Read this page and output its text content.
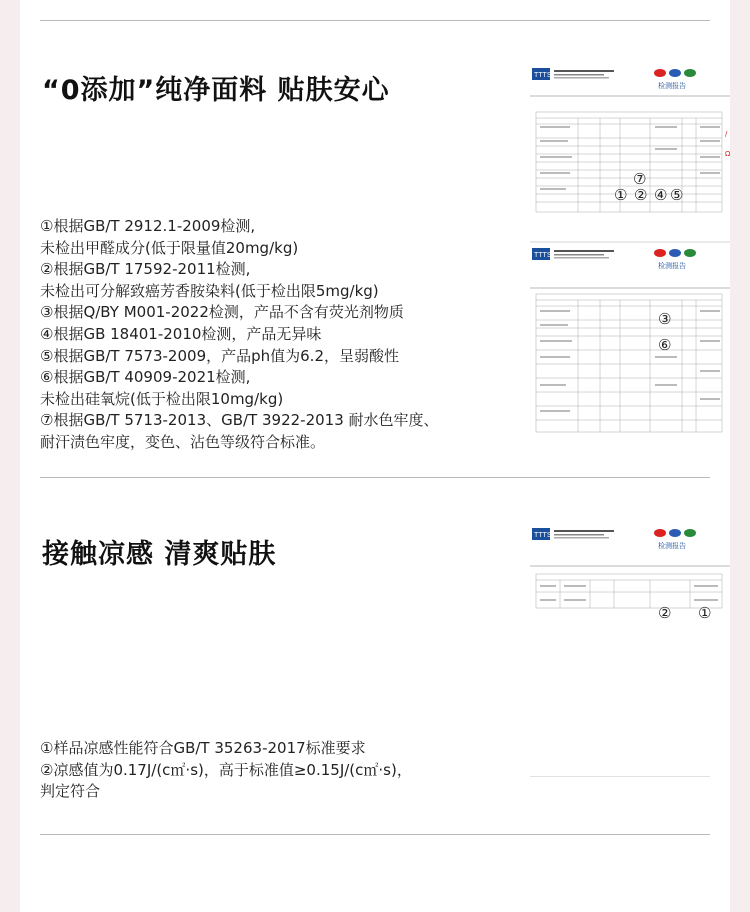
“0添加”纯净面料 贴肤安心
①根据GB/T 2912.1-2009检测,
未检出甲醛成分(低于限量值20mg/kg)
②根据GB/T 17592-2011检测,
未检出可分解致癌芳香胺染料(低于检出限5mg/kg)
③根据Q/BY M001-2022检测，产品不含有荧光剂物质
④根据GB 18401-2010检测，产品无异味
⑤根据GB/T 7573-2009，产品ph值为6.2，呈弱酸性
⑥根据GB/T 40909-2021检测,
未检出硅氧烷(低于检出限10mg/kg)
⑦根据GB/T 5713-2013、GB/T 3922-2013 耐水色牢度、
耐汗渍色牢度，变色、沾色等级符合标准。
TTTS
检测报告
/
Ω
⑦
① ② ④ ⑤
TTTS
检测报告
③
⑥
接触凉感 清爽贴肤
①样品凉感性能符合GB/T 35263-2017标准要求
②凉感值为0.17J/(c㎡·s)，高于标准值≥0.15J/(c㎡·s)，
判定符合
TTTS
检测报告
② ①
